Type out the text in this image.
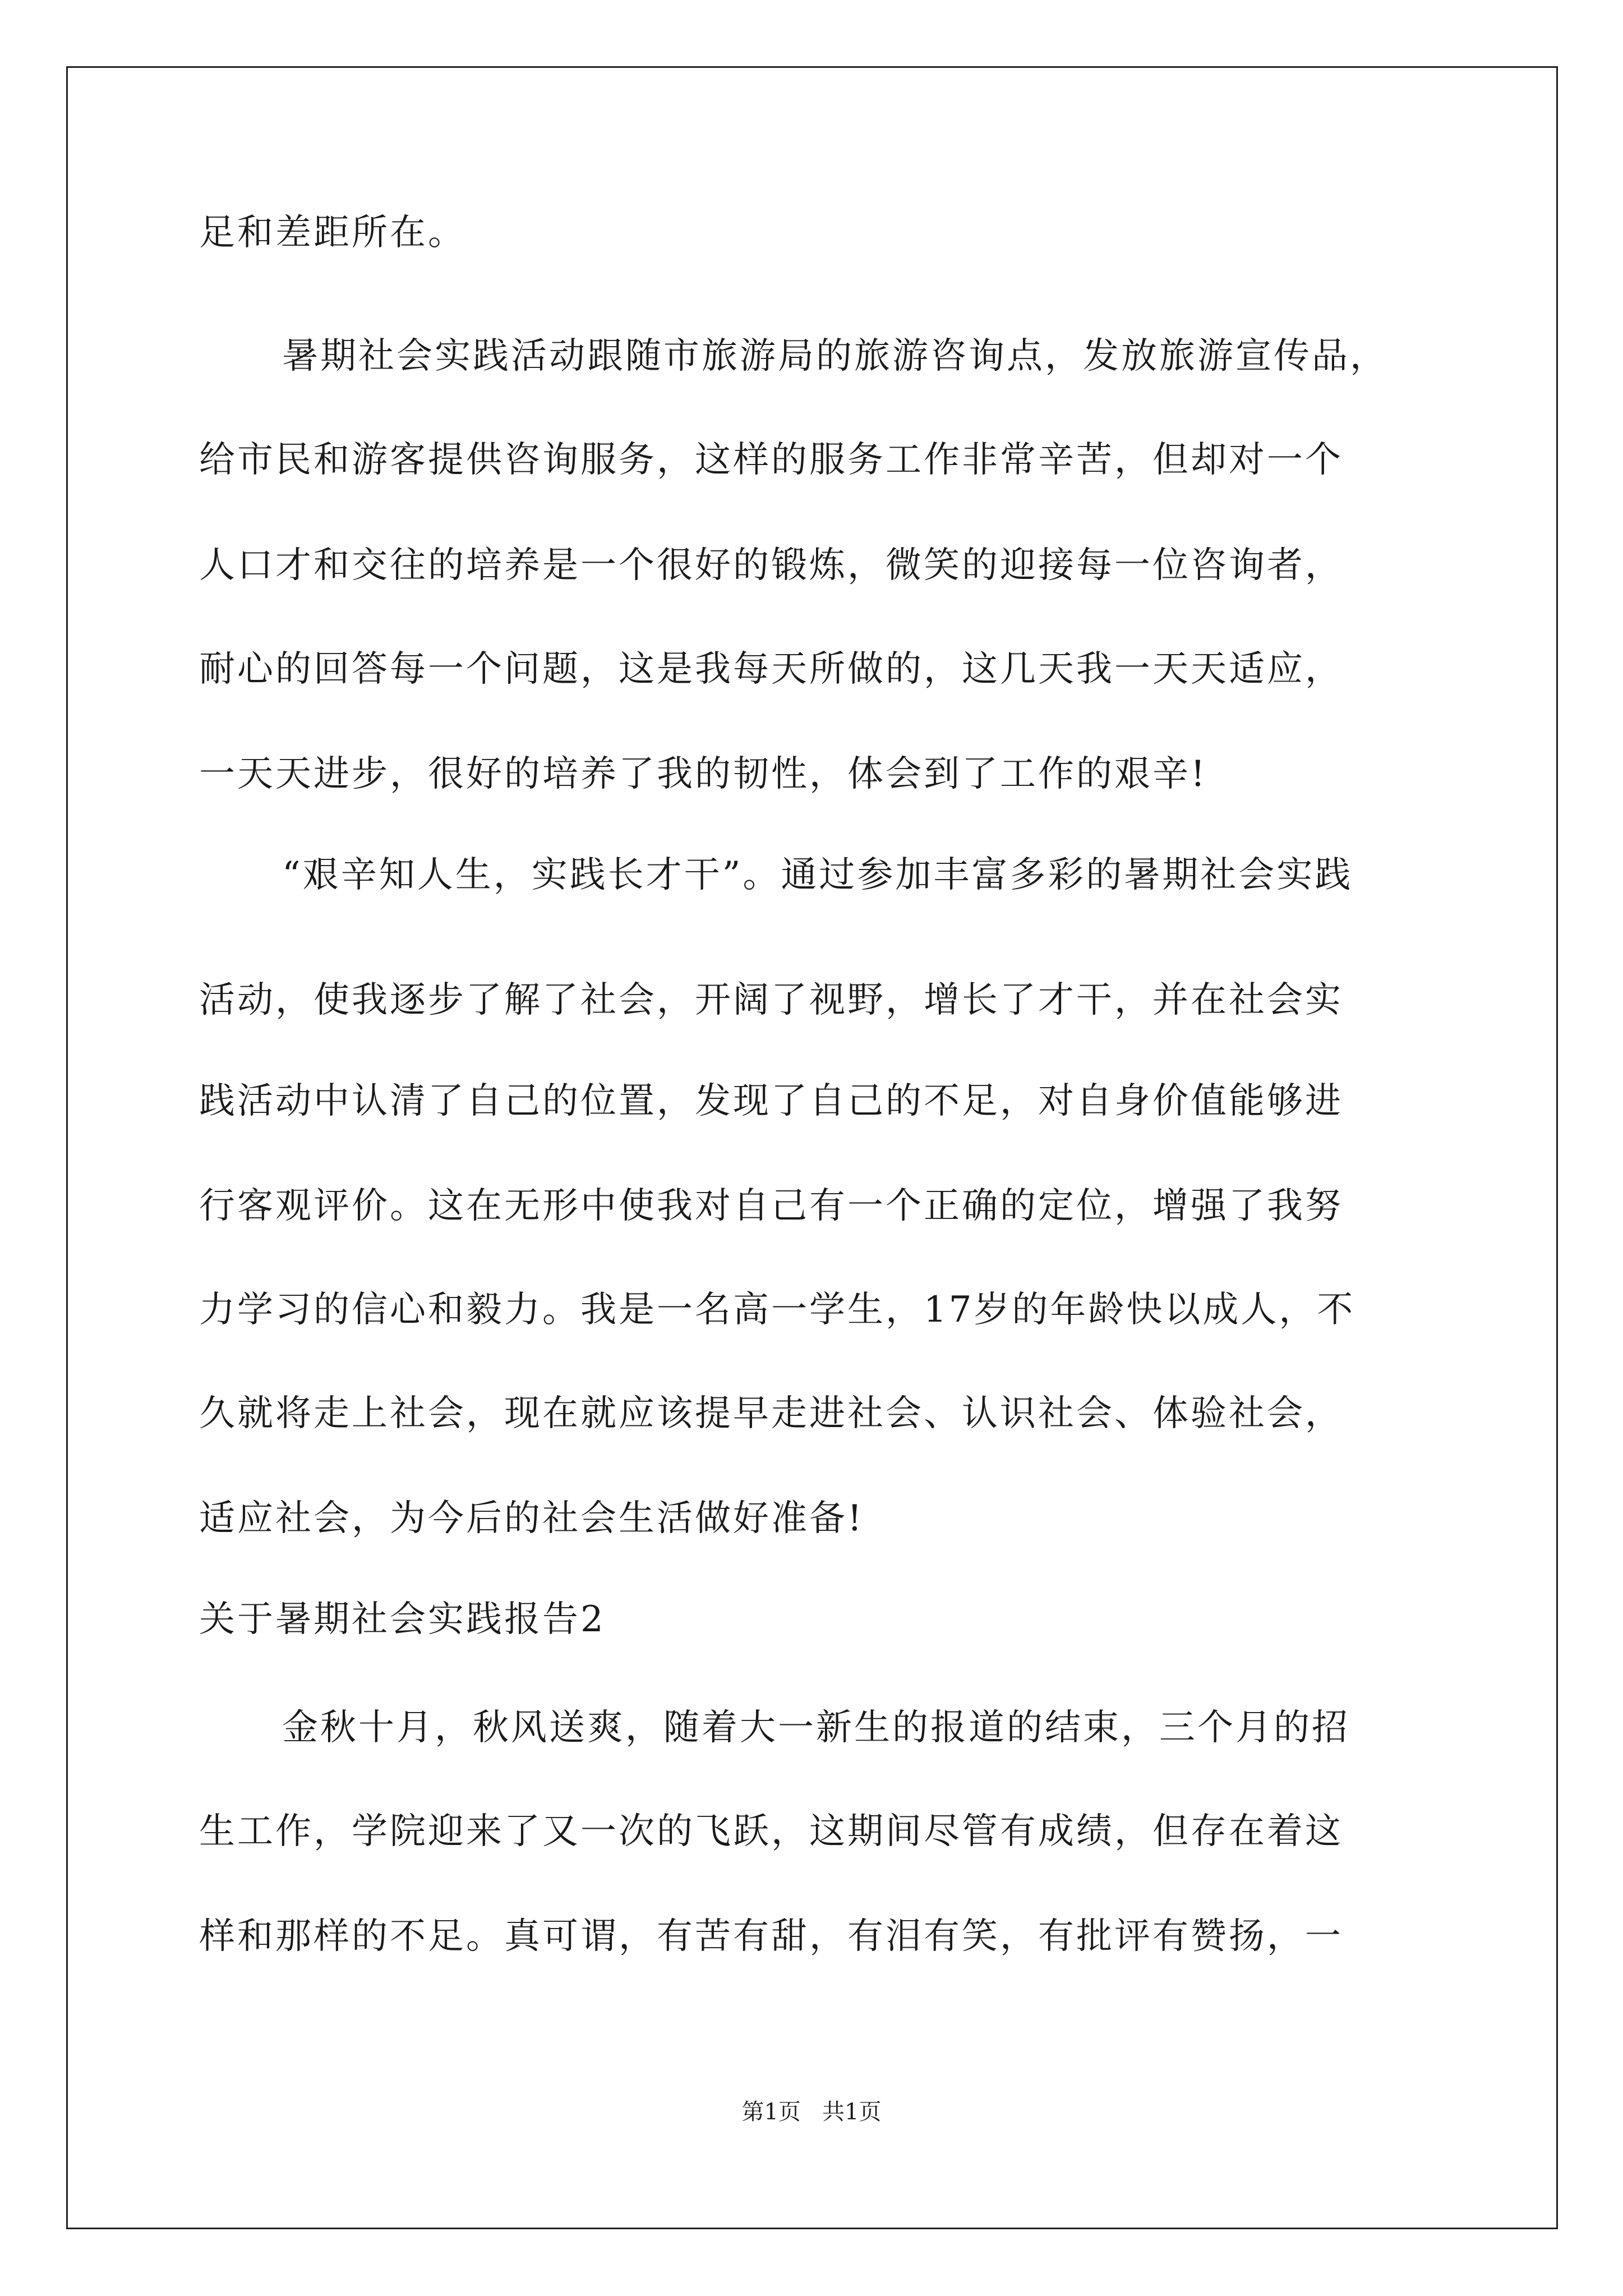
足和差距所在。
暑期社会实践活动跟随市旅游局的旅游咨询点，发放旅游宣传品，
给市民和游客提供咨询服务，这样的服务工作非常辛苦，但却对一个
人口才和交往的培养是一个很好的锻炼，微笑的迎接每一位咨询者，
耐心的回答每一个问题，这是我每天所做的，这几天我一天天适应，
一天天进步，很好的培养了我的韧性，体会到了工作的艰辛!
“艰辛知人生，实践长才干”。通过参加丰富多彩的暑期社会实践
活动，使我逐步了解了社会，开阔了视野，增长了才干，并在社会实
践活动中认清了自己的位置，发现了自己的不足，对自身价值能够进
行客观评价。这在无形中使我对自己有一个正确的定位，增强了我努
力学习的信心和毅力。我是一名高一学生，17岁的年龄快以成人，不
久就将走上社会，现在就应该提早走进社会、认识社会、体验社会，
适应社会，为今后的社会生活做好准备!
关于暑期社会实践报告2
金秋十月，秋风送爽，随着大一新生的报道的结束，三个月的招
生工作，学院迎来了又一次的飞跃，这期间尽管有成绩，但存在着这
样和那样的不足。真可谓，有苦有甜，有泪有笑，有批评有赞扬，一
第1页   共1页
